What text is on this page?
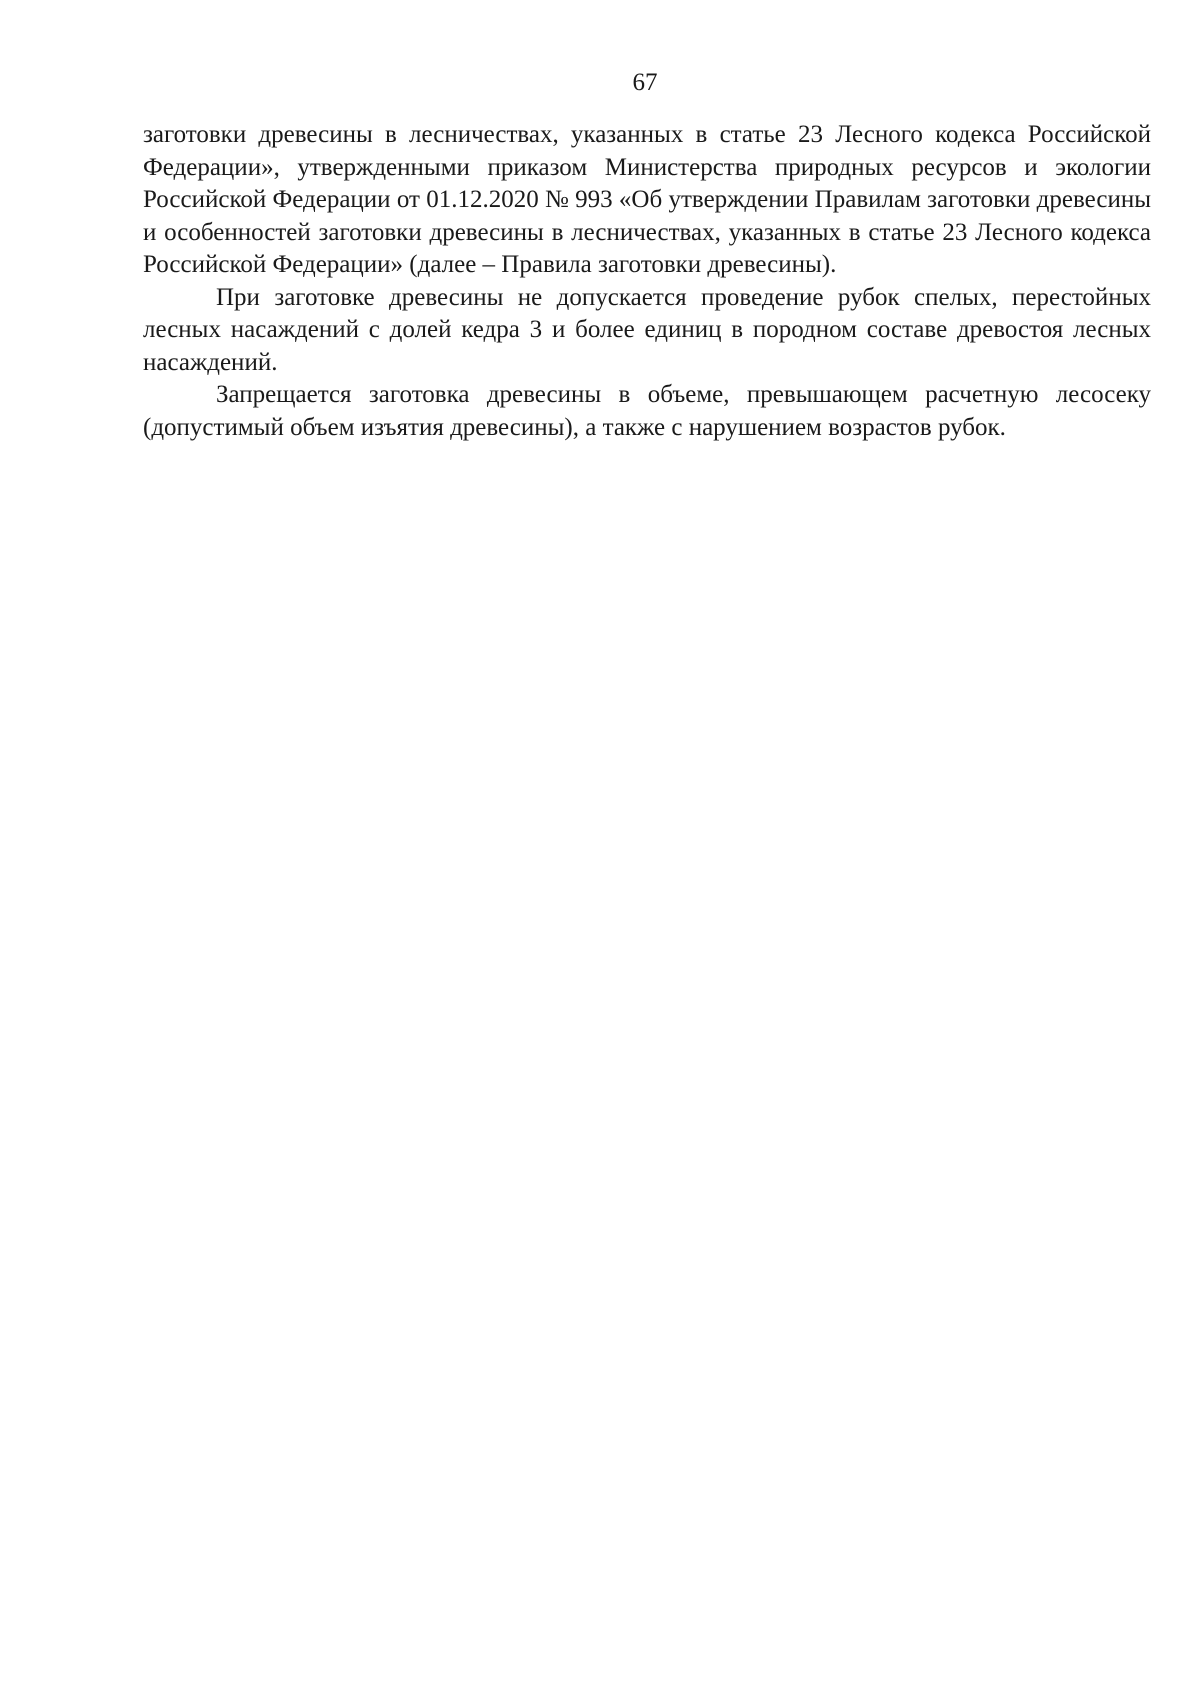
67

заготовки древесины в лесничествах, указанных в статье 23 Лесного кодекса Российской Федерации», утвержденными приказом Министерства природных ресурсов и экологии Российской Федерации от 01.12.2020 № 993 «Об утверждении Правилам заготовки древесины и особенностей заготовки древесины в лесничествах, указанных в статье 23 Лесного кодекса Российской Федерации» (далее – Правила заготовки древесины).

При заготовке древесины не допускается проведение рубок спелых, перестойных лесных насаждений с долей кедра 3 и более единиц в породном составе древостоя лесных насаждений.

Запрещается заготовка древесины в объеме, превышающем расчетную лесосеку (допустимый объем изъятия древесины), а также с нарушением возрастов рубок.
